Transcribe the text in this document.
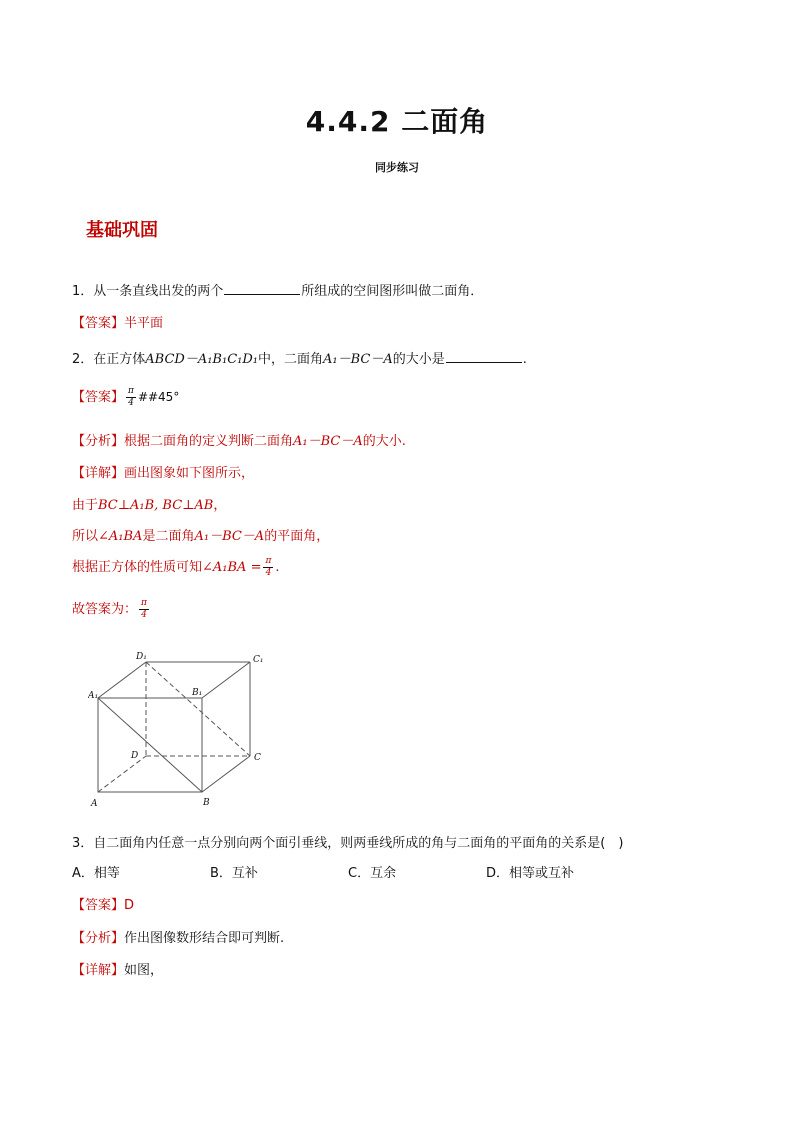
4.4.2 二面角
同步练习
基础巩固
1．从一条直线出发的两个	所组成的空间图形叫做二面角．
【答案】半平面
2．在正方体ABCD－A₁B₁C₁D₁中，二面角A₁－BC－A的大小是	.
【答案】 $\frac{\pi}{4}$ ##45°
【分析】根据二面角的定义判断二面角A₁－BC－A的大小.
【详解】画出图象如下图所示，
由于BC⊥A₁B, BC⊥AB，
所以∠A₁BA是二面角A₁－BC－A的平面角，
根据正方体的性质可知∠A₁BA = $\frac{\pi}{4}$ .
故答案为： $\frac{\pi}{4}$
D₁	C₁
A₁	B₁
D	C
A	B
3．自二面角内任意一点分别向两个面引垂线，则两垂线所成的角与二面角的平面角的关系是(　)
A．相等	B．互补	C．互余	D．相等或互补
【答案】D
【分析】作出图像数形结合即可判断.
【详解】如图，
